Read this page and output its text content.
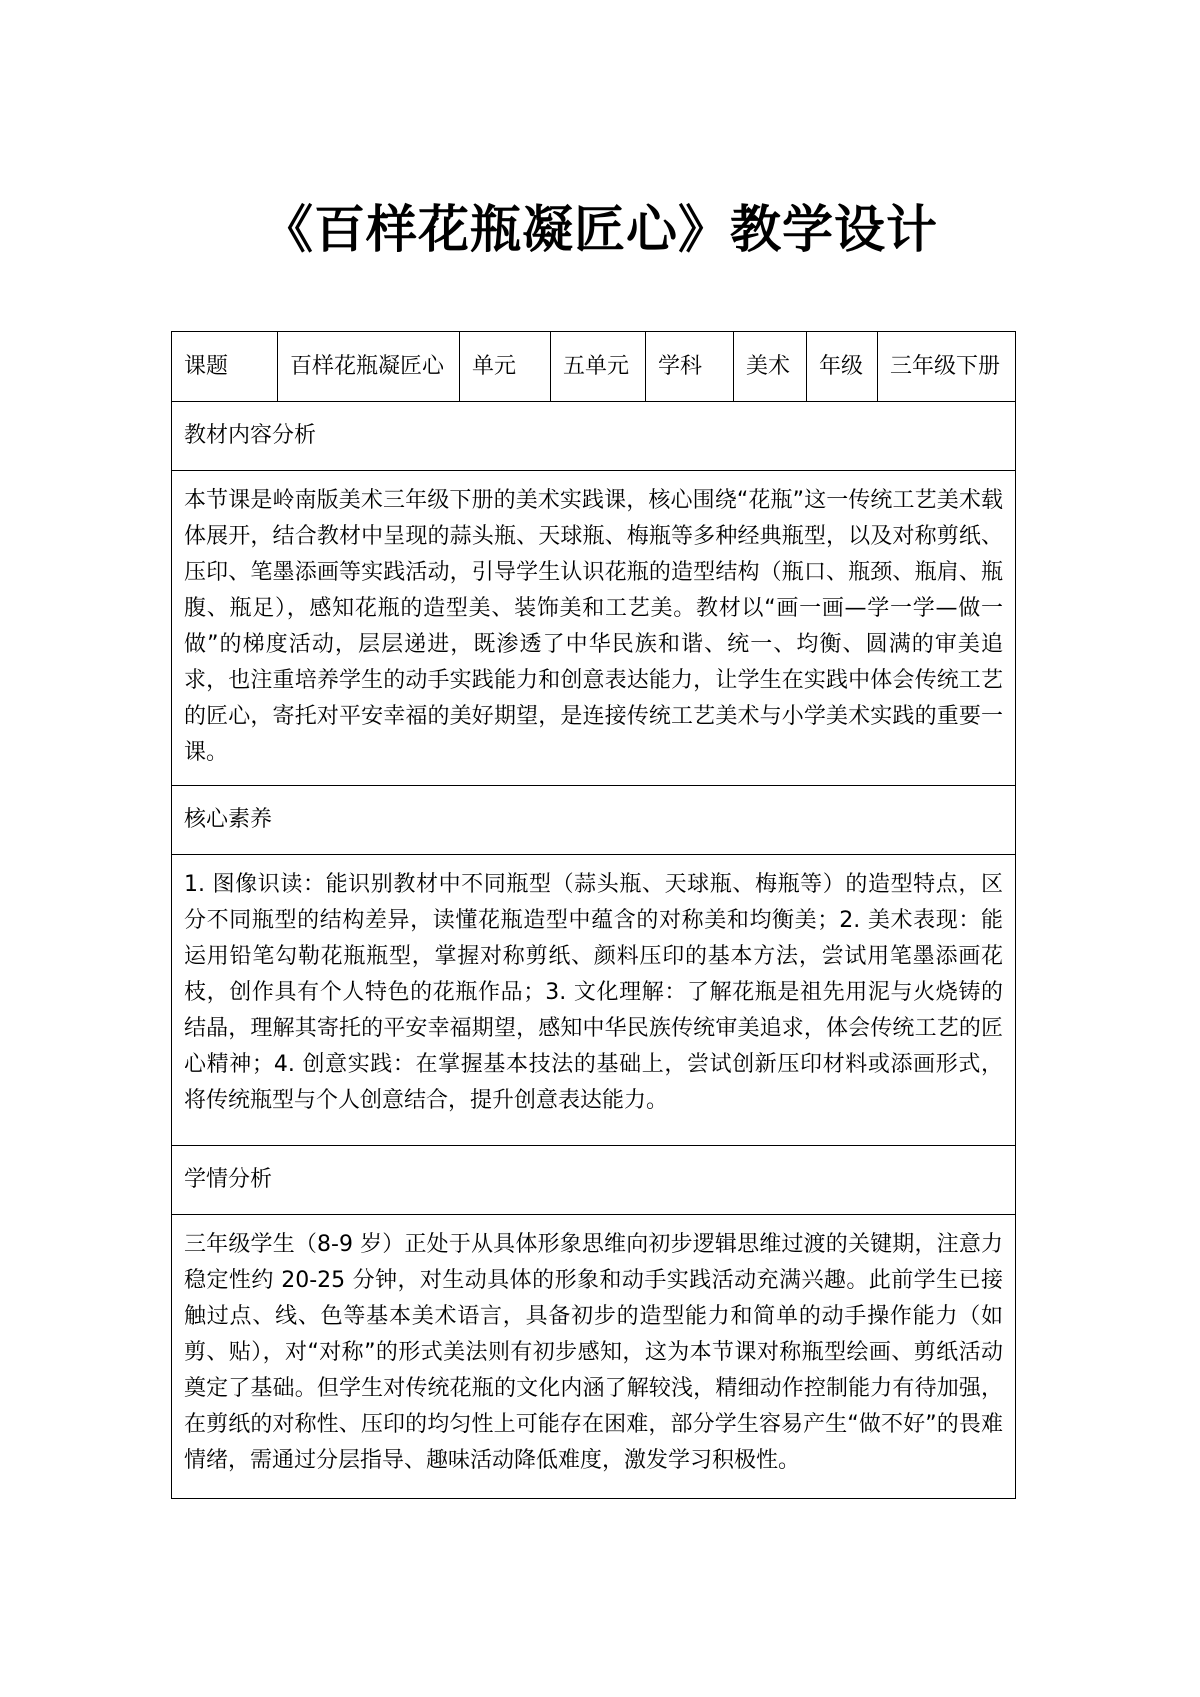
《百样花瓶凝匠心》教学设计
课题	百样花瓶凝匠心	单元	五单元	学科	美术	年级	三年级下册
教材内容分析
本节课是岭南版美术三年级下册的美术实践课，核心围绕“花瓶”这一传统工艺美术载体展开，结合教材中呈现的蒜头瓶、天球瓶、梅瓶等多种经典瓶型，以及对称剪纸、压印、笔墨添画等实践活动，引导学生认识花瓶的造型结构（瓶口、瓶颈、瓶肩、瓶腹、瓶足），感知花瓶的造型美、装饰美和工艺美。教材以“画一画—学一学—做一做”的梯度活动，层层递进，既渗透了中华民族和谐、统一、均衡、圆满的审美追求，也注重培养学生的动手实践能力和创意表达能力，让学生在实践中体会传统工艺的匠心，寄托对平安幸福的美好期望，是连接传统工艺美术与小学美术实践的重要一课。
核心素养
1. 图像识读：能识别教材中不同瓶型（蒜头瓶、天球瓶、梅瓶等）的造型特点，区分不同瓶型的结构差异，读懂花瓶造型中蕴含的对称美和均衡美；2. 美术表现：能运用铅笔勾勒花瓶瓶型，掌握对称剪纸、颜料压印的基本方法，尝试用笔墨添画花枝，创作具有个人特色的花瓶作品；3. 文化理解：了解花瓶是祖先用泥与火烧铸的结晶，理解其寄托的平安幸福期望，感知中华民族传统审美追求，体会传统工艺的匠心精神；4. 创意实践：在掌握基本技法的基础上，尝试创新压印材料或添画形式，将传统瓶型与个人创意结合，提升创意表达能力。
学情分析
三年级学生（8-9 岁）正处于从具体形象思维向初步逻辑思维过渡的关键期，注意力稳定性约 20-25 分钟，对生动具体的形象和动手实践活动充满兴趣。此前学生已接触过点、线、色等基本美术语言，具备初步的造型能力和简单的动手操作能力（如剪、贴），对“对称”的形式美法则有初步感知，这为本节课对称瓶型绘画、剪纸活动奠定了基础。但学生对传统花瓶的文化内涵了解较浅，精细动作控制能力有待加强，在剪纸的对称性、压印的均匀性上可能存在困难，部分学生容易产生“做不好”的畏难情绪，需通过分层指导、趣味活动降低难度，激发学习积极性。
